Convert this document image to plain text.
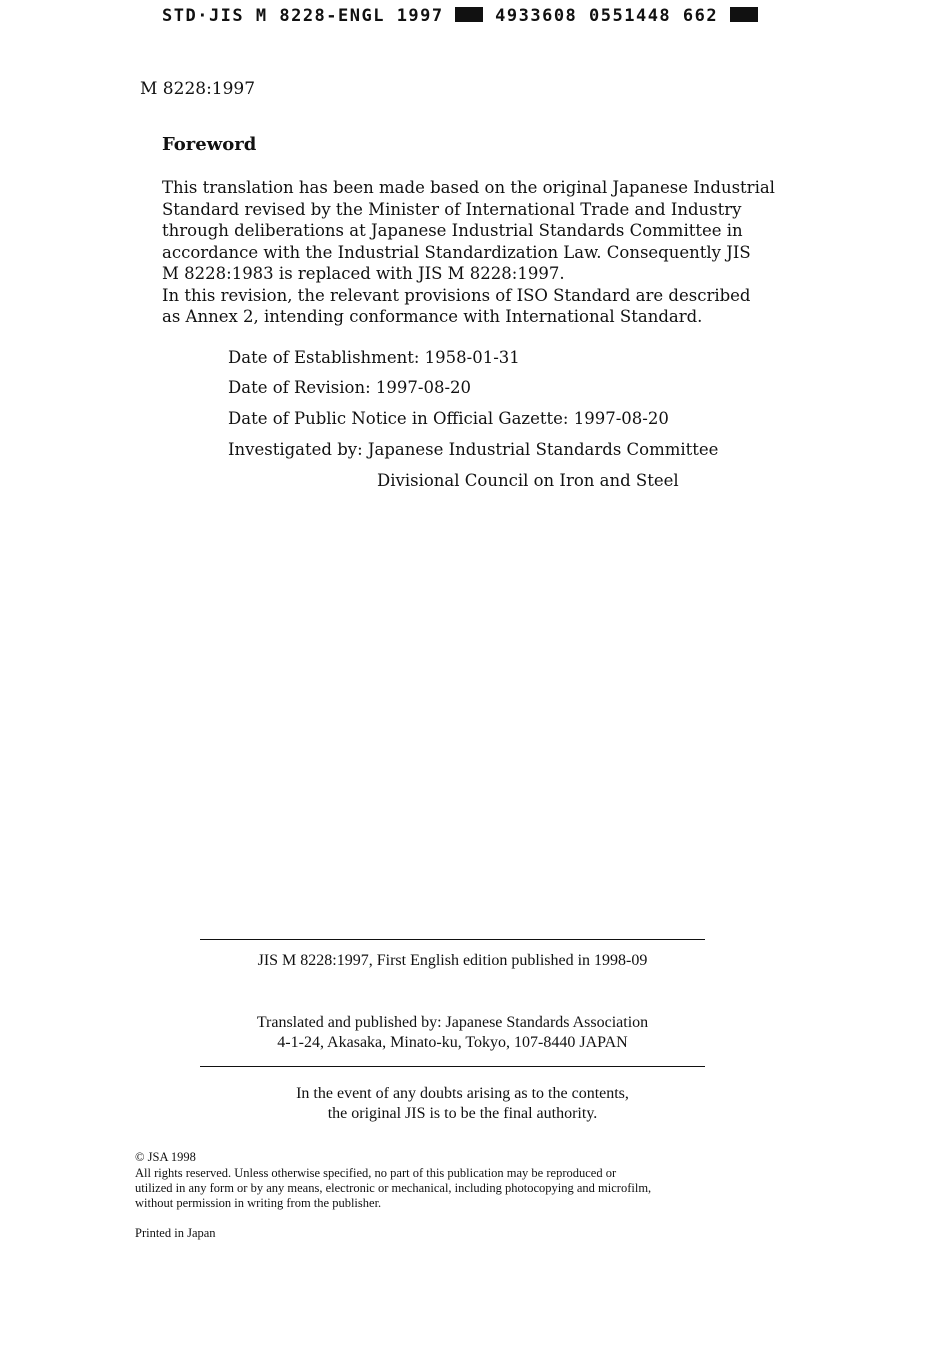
STD·JIS M 8228-ENGL 1997	4933608 0551448 662
M 8228:1997
Foreword
This translation has been made based on the original Japanese Industrial
Standard revised by the Minister of International Trade and Industry
through deliberations at Japanese Industrial Standards Committee in
accordance with the Industrial Standardization Law. Consequently JIS
M 8228:1983 is replaced with JIS M 8228:1997.
In this revision, the relevant provisions of ISO Standard are described
as Annex 2, intending conformance with International Standard.
Date of Establishment: 1958-01-31
Date of Revision: 1997-08-20
Date of Public Notice in Official Gazette: 1997-08-20
Investigated by: Japanese Industrial Standards Committee
Divisional Council on Iron and Steel
JIS M 8228:1997, First English edition published in 1998-09
Translated and published by: Japanese Standards Association
4-1-24, Akasaka, Minato-ku, Tokyo, 107-8440 JAPAN
In the event of any doubts arising as to the contents,
the original JIS is to be the final authority.
© JSA 1998
All rights reserved. Unless otherwise specified, no part of this publication may be reproduced or
utilized in any form or by any means, electronic or mechanical, including photocopying and microfilm,
without permission in writing from the publisher.
Printed in Japan
